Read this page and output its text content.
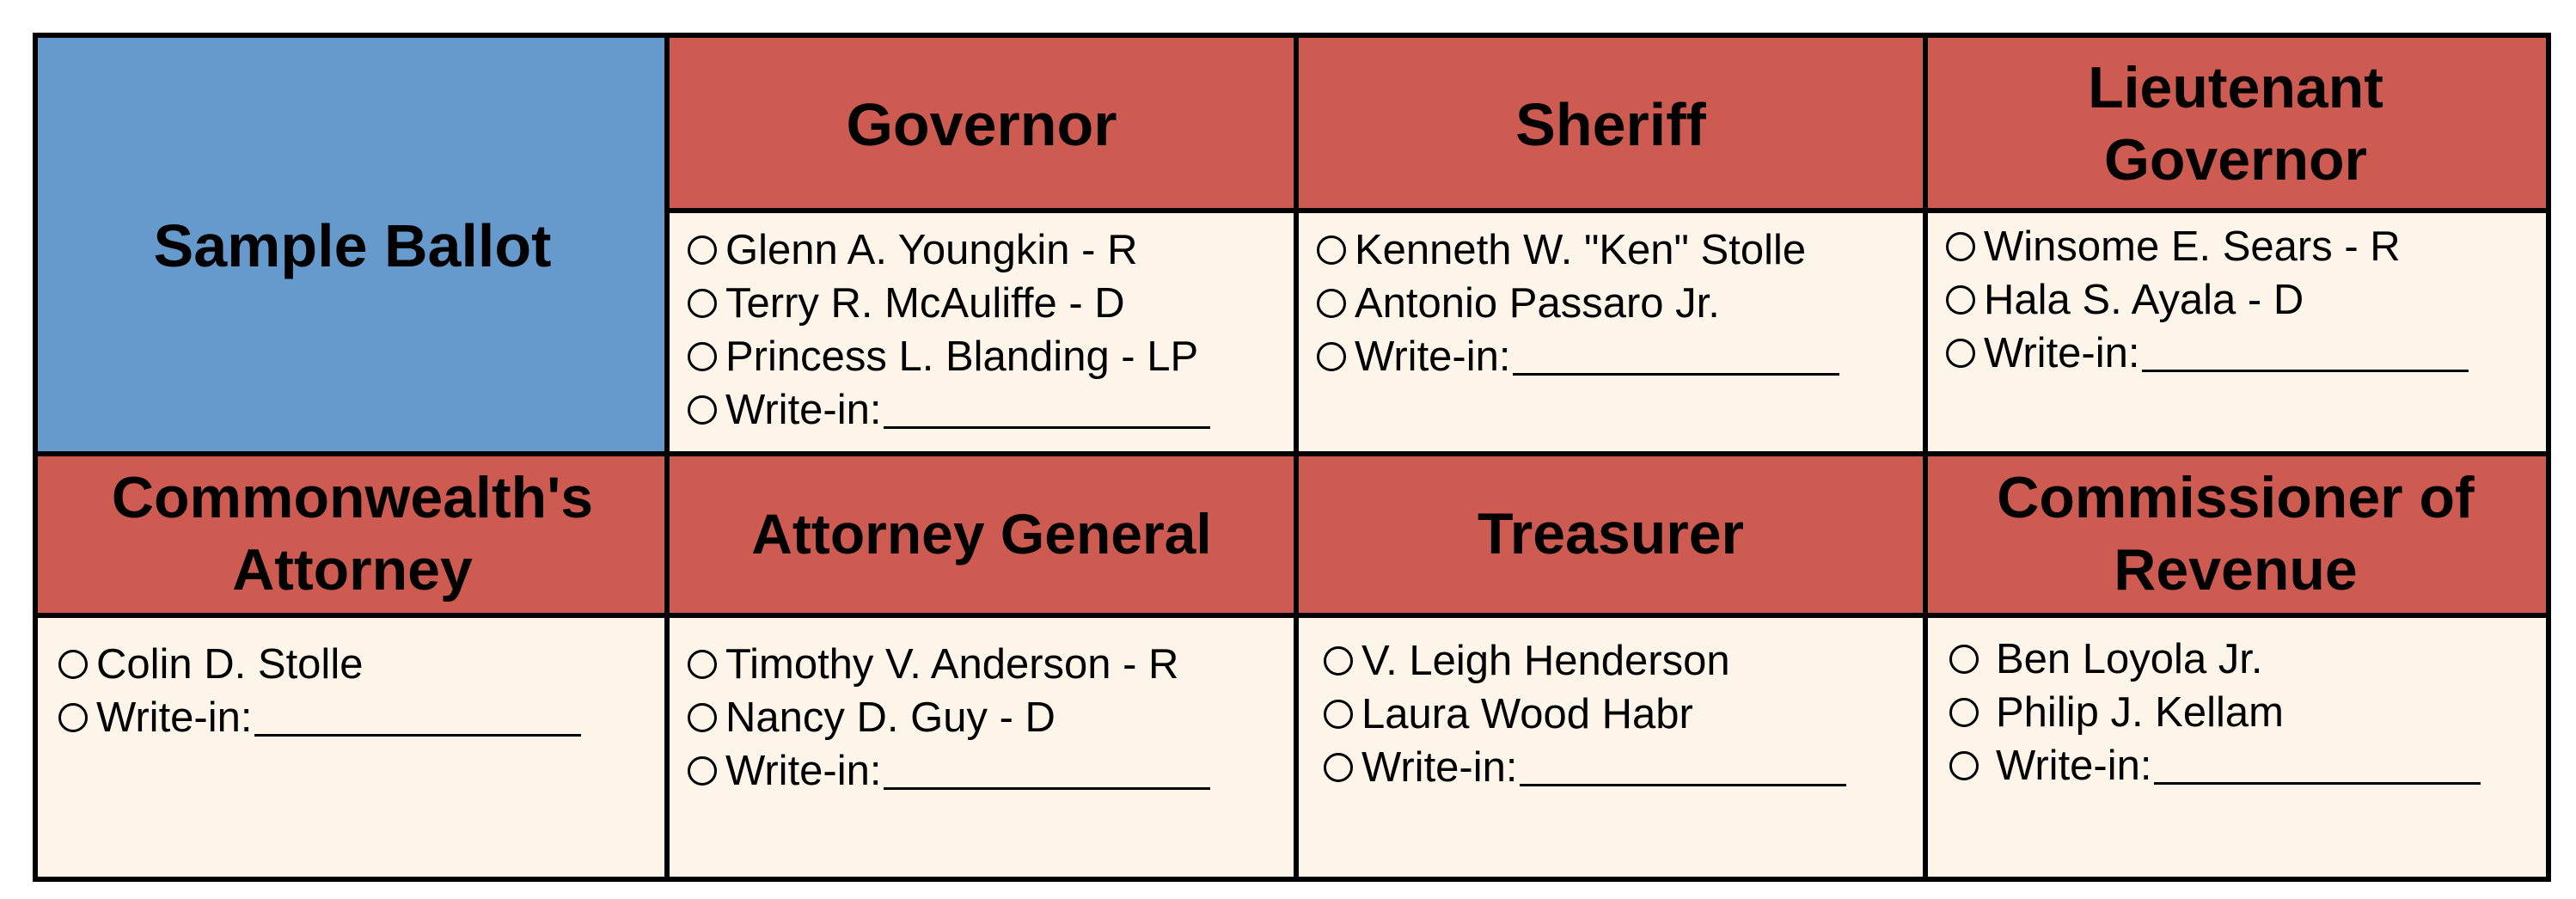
Sample Ballot
Governor
Glenn A. Youngkin - R
Terry R. McAuliffe - D
Princess L. Blanding - LP
Write-in:
Sheriff
Kenneth W. "Ken" Stolle
Antonio Passaro Jr.
Write-in:
Lieutenant Governor
Winsome E. Sears - R
Hala S. Ayala - D
Write-in:
Commonwealth's Attorney
Colin D. Stolle
Write-in:
Attorney General
Timothy V. Anderson - R
Nancy D. Guy - D
Write-in:
Treasurer
V. Leigh Henderson
Laura Wood Habr
Write-in:
Commissioner of Revenue
Ben Loyola Jr.
Philip J. Kellam
Write-in:
